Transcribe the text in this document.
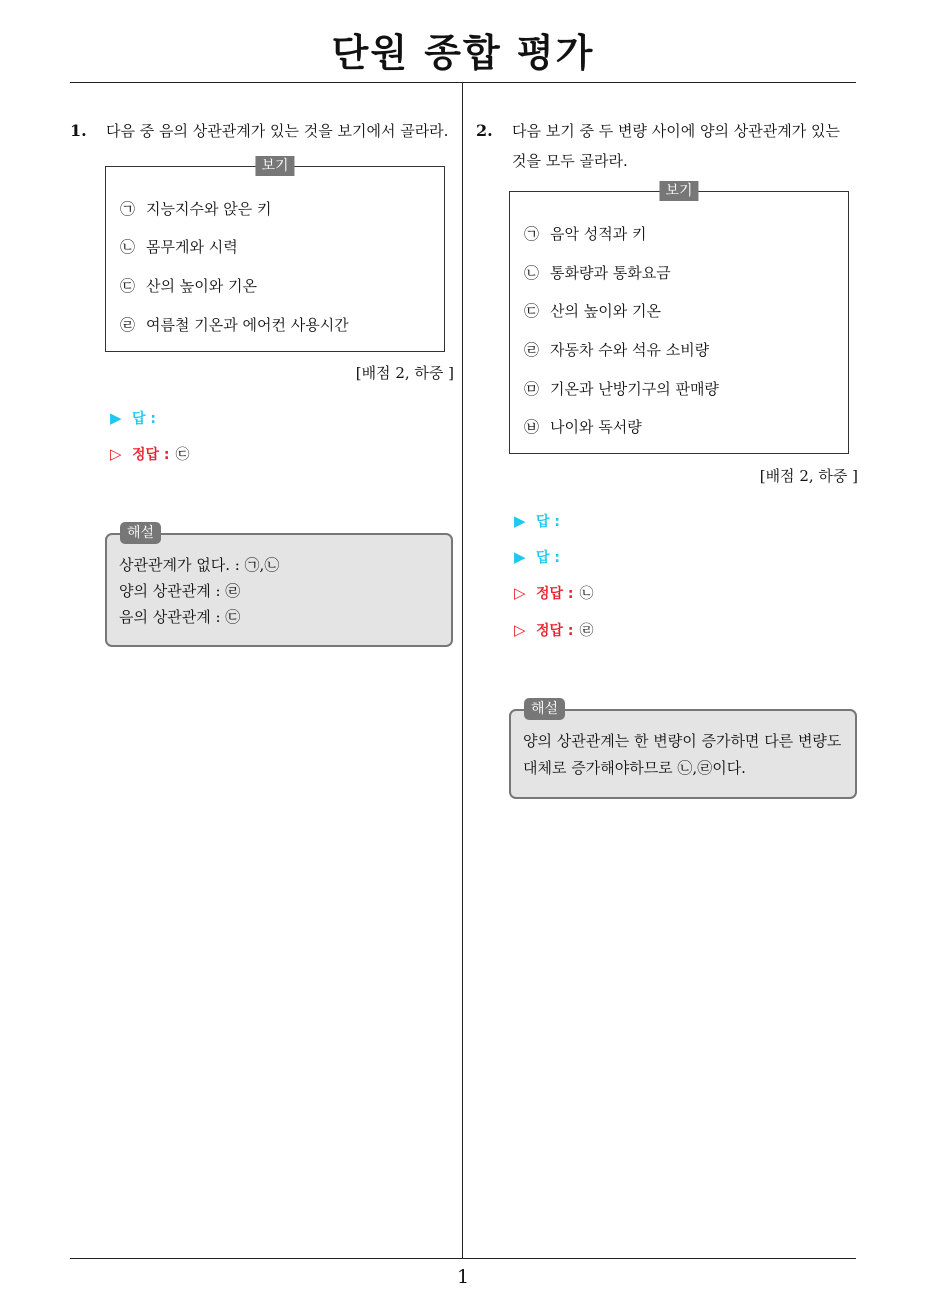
단원 종합 평가
1. 다음 중 음의 상관관계가 있는 것을 보기에서 골라라.
보기
㉠ 지능지수와 앉은 키
㉡ 몸무게와 시력
㉢ 산의 높이와 기온
㉣ 여름철 기온과 에어컨 사용시간
[배점 2, 하중 ]
▶ 답 :
▷ 정답 : ㉢
해설
상관관계가 없다. : ㉠,㉡
양의 상관관계 : ㉣
음의 상관관계 : ㉢
2. 다음 보기 중 두 변량 사이에 양의 상관관계가 있는
것을 모두 골라라.
보기
㉠ 음악 성적과 키
㉡ 통화량과 통화요금
㉢ 산의 높이와 기온
㉣ 자동차 수와 석유 소비량
㉤ 기온과 난방기구의 판매량
㉥ 나이와 독서량
[배점 2, 하중 ]
▶ 답 :
▶ 답 :
▷ 정답 : ㉡
▷ 정답 : ㉣
해설
양의 상관관계는 한 변량이 증가하면 다른 변량도
대체로 증가해야하므로 ㉡,㉣이다.
1
